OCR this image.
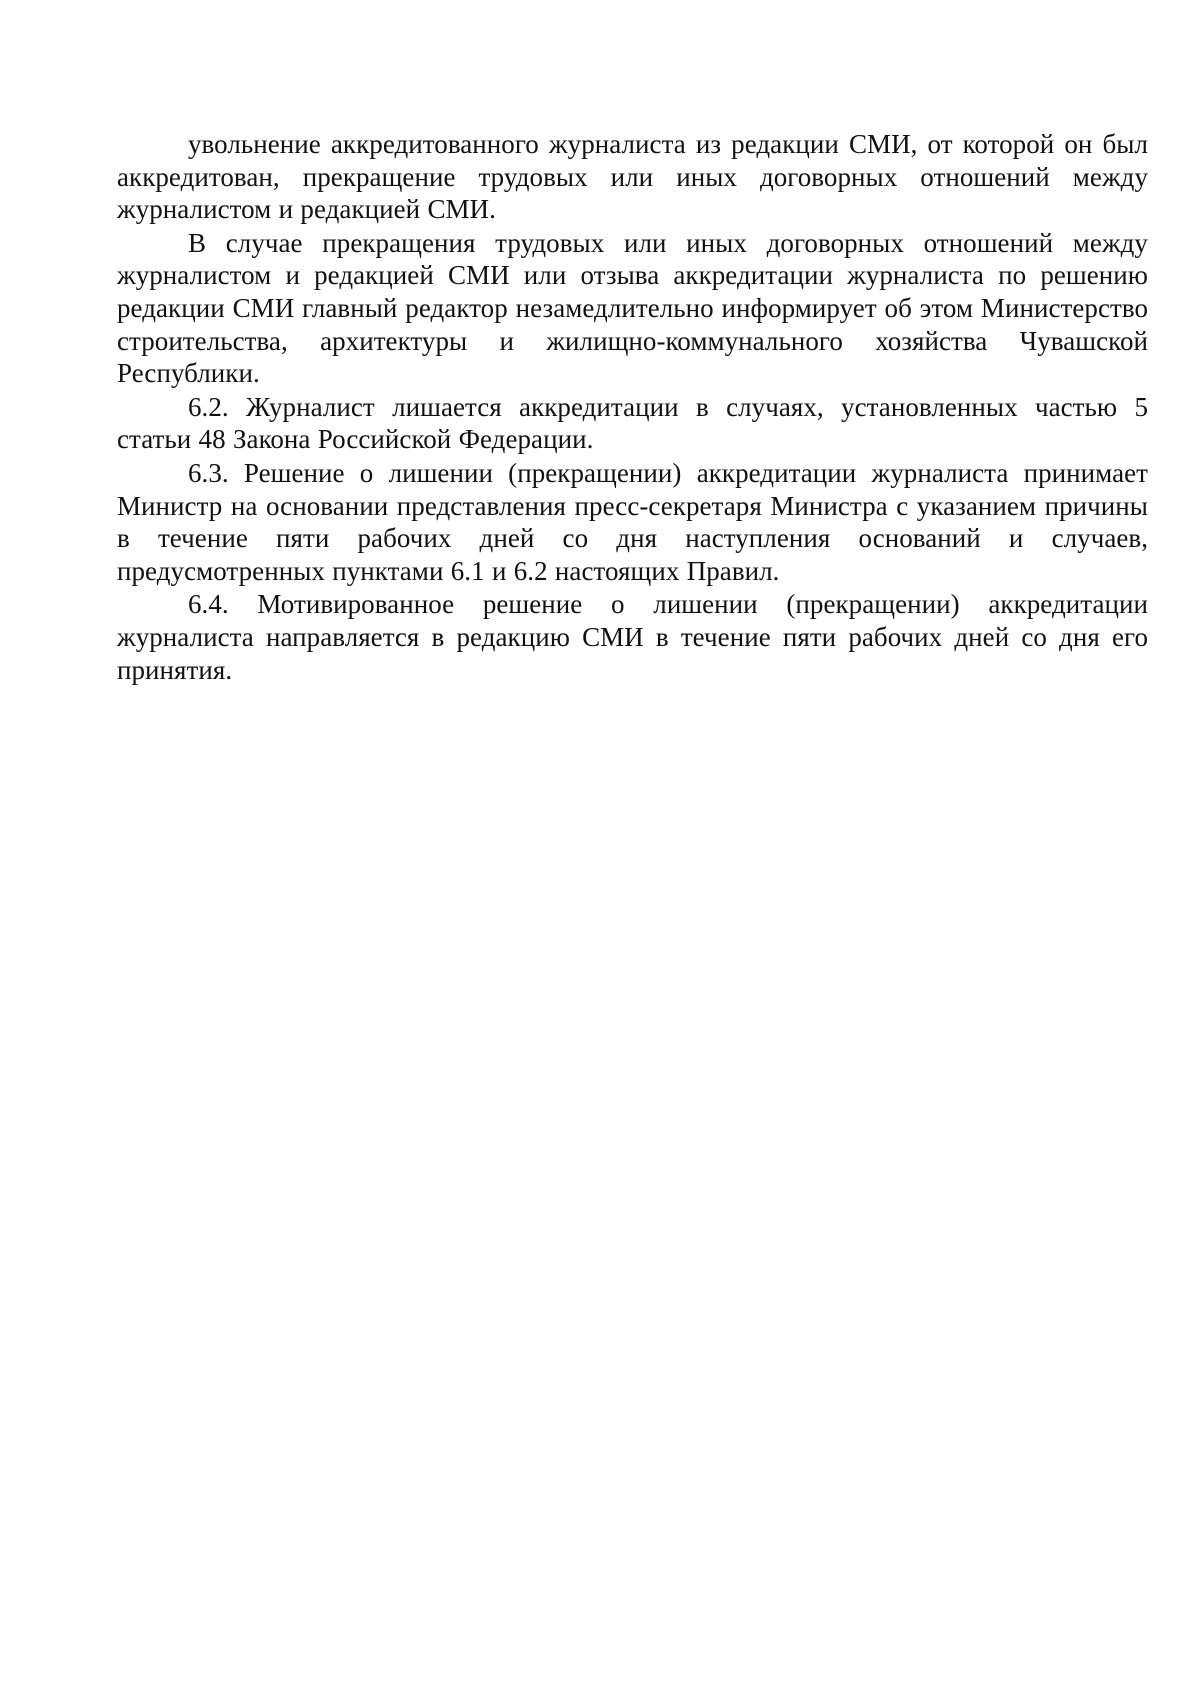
увольнение аккредитованного журналиста из редакции СМИ, от которой он был аккредитован, прекращение трудовых или иных договорных отношений между журналистом и редакцией СМИ.

В случае прекращения трудовых или иных договорных отношений между журналистом и редакцией СМИ или отзыва аккредитации журналиста по решению редакции СМИ главный редактор незамедлительно информирует об этом Министерство строительства, архитектуры и жилищно-коммунального хозяйства Чувашской Республики.

6.2. Журналист лишается аккредитации в случаях, установленных частью 5 статьи 48 Закона Российской Федерации.

6.3. Решение о лишении (прекращении) аккредитации журналиста принимает Министр на основании представления пресс-секретаря Министра с указанием причины в течение пяти рабочих дней со дня наступления оснований и случаев, предусмотренных пунктами 6.1 и 6.2 настоящих Правил.

6.4. Мотивированное решение о лишении (прекращении) аккредитации журналиста направляется в редакцию СМИ в течение пяти рабочих дней со дня его принятия.
